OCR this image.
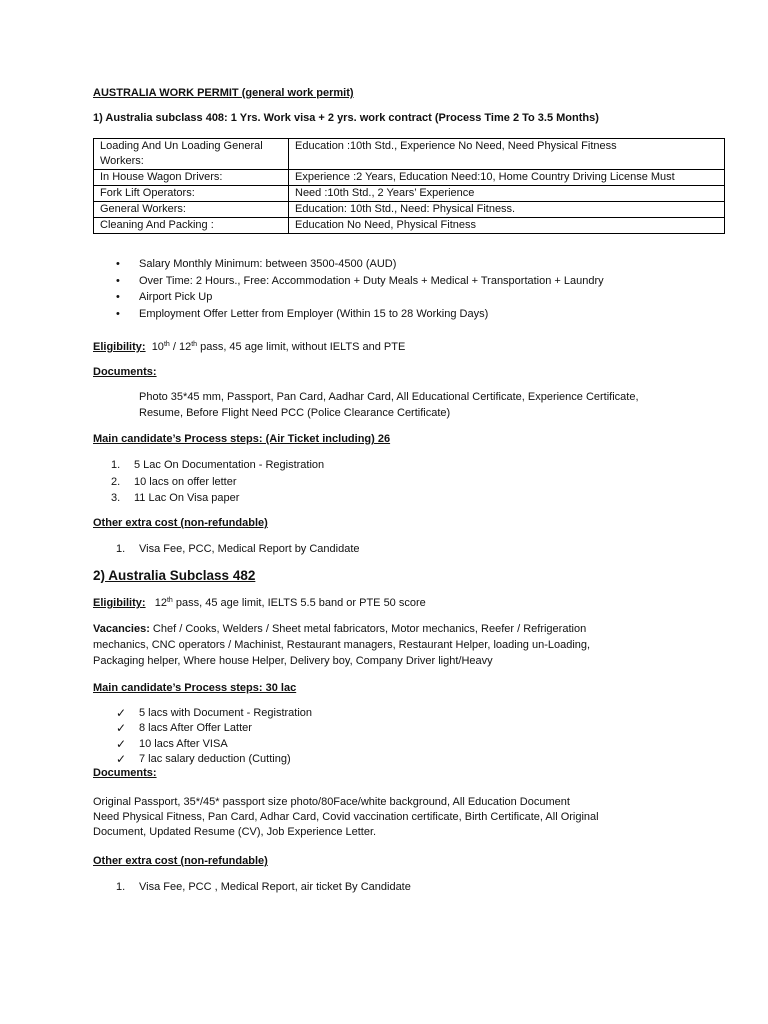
AUSTRALIA WORK PERMIT (general work permit)
1) Australia subclass 408: 1 Yrs. Work visa + 2 yrs. work contract (Process Time 2 To 3.5 Months)
Loading And Un Loading General Workers:	Education :10th Std., Experience No Need, Need Physical Fitness
In House Wagon Drivers:	Experience :2 Years, Education Need:10, Home Country Driving License Must
Fork Lift Operators:	Need :10th Std., 2 Years’ Experience
General Workers:	Education: 10th Std., Need: Physical Fitness.
Cleaning And Packing :	Education No Need, Physical Fitness
• Salary Monthly Minimum: between 3500-4500 (AUD)
• Over Time: 2 Hours., Free: Accommodation + Duty Meals + Medical + Transportation + Laundry
• Airport Pick Up
• Employment Offer Letter from Employer (Within 15 to 28 Working Days)
Eligibility: 10th / 12th pass, 45 age limit, without IELTS and PTE
Documents:
Photo 35*45 mm, Passport, Pan Card, Aadhar Card, All Educational Certificate, Experience Certificate,
Resume, Before Flight Need PCC (Police Clearance Certificate)
Main candidate’s Process steps: (Air Ticket including) 26
1. 5 Lac On Documentation - Registration
2. 10 lacs on offer letter
3. 11 Lac On Visa paper
Other extra cost (non-refundable)
1. Visa Fee, PCC, Medical Report by Candidate
2) Australia Subclass 482
Eligibility: 12th pass, 45 age limit, IELTS 5.5 band or PTE 50 score
Vacancies: Chef / Cooks, Welders / Sheet metal fabricators, Motor mechanics, Reefer / Refrigeration
mechanics, CNC operators / Machinist, Restaurant managers, Restaurant Helper, loading un-Loading,
Packaging helper, Where house Helper, Delivery boy, Company Driver light/Heavy
Main candidate’s Process steps: 30 lac
✓ 5 lacs with Document - Registration
✓ 8 lacs After Offer Latter
✓ 10 lacs After VISA
✓ 7 lac salary deduction (Cutting)
Documents:
Original Passport, 35*/45* passport size photo/80Face/white background, All Education Document
Need Physical Fitness, Pan Card, Adhar Card, Covid vaccination certificate, Birth Certificate, All Original
Document, Updated Resume (CV), Job Experience Letter.
Other extra cost (non-refundable)
1. Visa Fee, PCC , Medical Report, air ticket By Candidate
